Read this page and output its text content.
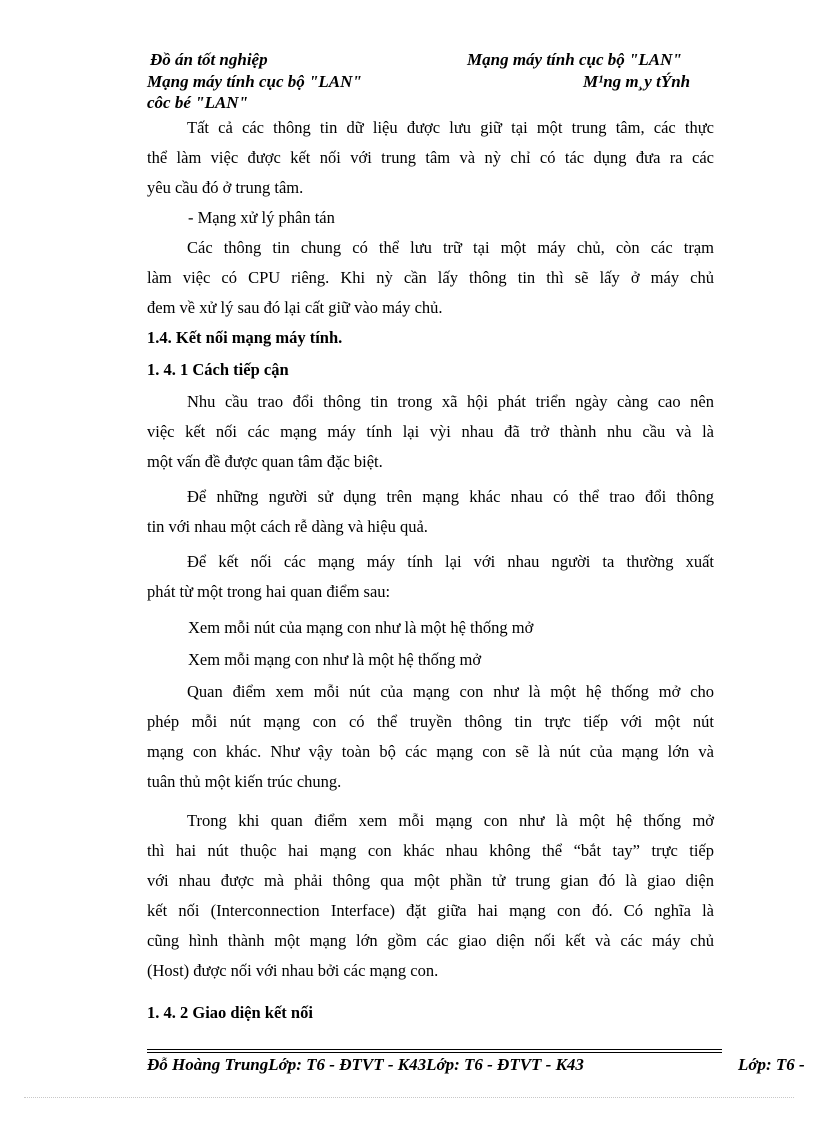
Đồ án tốt nghiệp	Mạng máy tính cục bộ "LAN"
Mạng máy tính cục bộ "LAN"	M¹ng m¸y tÝnh
côc bé "LAN"
Tất cả các thông tin dữ liệu được lưu giữ tại một trung tâm, các thực
thể làm việc được kết nối với trung tâm và nỳ chỉ có tác dụng đưa ra các
yêu cầu đó ở trung tâm.
- Mạng xử lý phân tán
Các thông tin chung có thể lưu trữ tại một máy chủ, còn các trạm
làm việc có CPU riêng. Khi nỳ cần lấy thông tin thì sẽ lấy ở máy chủ
đem về xử lý sau đó lại cất giữ vào máy chủ.
1.4. Kết nối mạng máy tính.
1. 4. 1 Cách tiếp cận
Nhu cầu trao đổi thông tin trong xã hội phát triển ngày càng cao nên
việc kết nối các mạng máy tính lại vỳi nhau đã trở thành nhu cầu và là
một vấn đề được quan tâm đặc biệt.
Để những người sử dụng trên mạng khác nhau có thể trao đổi thông
tin với nhau một cách rễ dàng và hiệu quả.
Để kết nối các mạng máy tính lại với nhau người ta thường xuất
phát từ một trong hai quan điểm sau:
Xem mỗi nút của mạng con như là một hệ thống mở
Xem mỗi mạng con như là một hệ thống mở
Quan điểm xem mỗi nút của mạng con như là một hệ thống mở cho
phép mỗi nút mạng con có thể truyền thông tin trực tiếp với một nút
mạng con khác. Như vậy toàn bộ các mạng con sẽ là nút của mạng lớn và
tuân thủ một kiến trúc chung.
Trong khi quan điểm xem mỗi mạng con như là một hệ thống mở
thì hai nút thuộc hai mạng con khác nhau không thể “bắt tay” trực tiếp
với nhau được mà phải thông qua một phần tử trung gian đó là giao diện
kết nối (Interconnection Interface) đặt giữa hai mạng con đó. Có nghĩa là
cũng hình thành một mạng lớn gồm các giao diện nối kết và các máy chủ
(Host) được nối với nhau bởi các mạng con.
1. 4. 2 Giao diện kết nối
Đỗ Hoàng TrungLớp: T6 - ĐTVT - K43Lớp: T6 - ĐTVT - K43	Lớp: T6 -
